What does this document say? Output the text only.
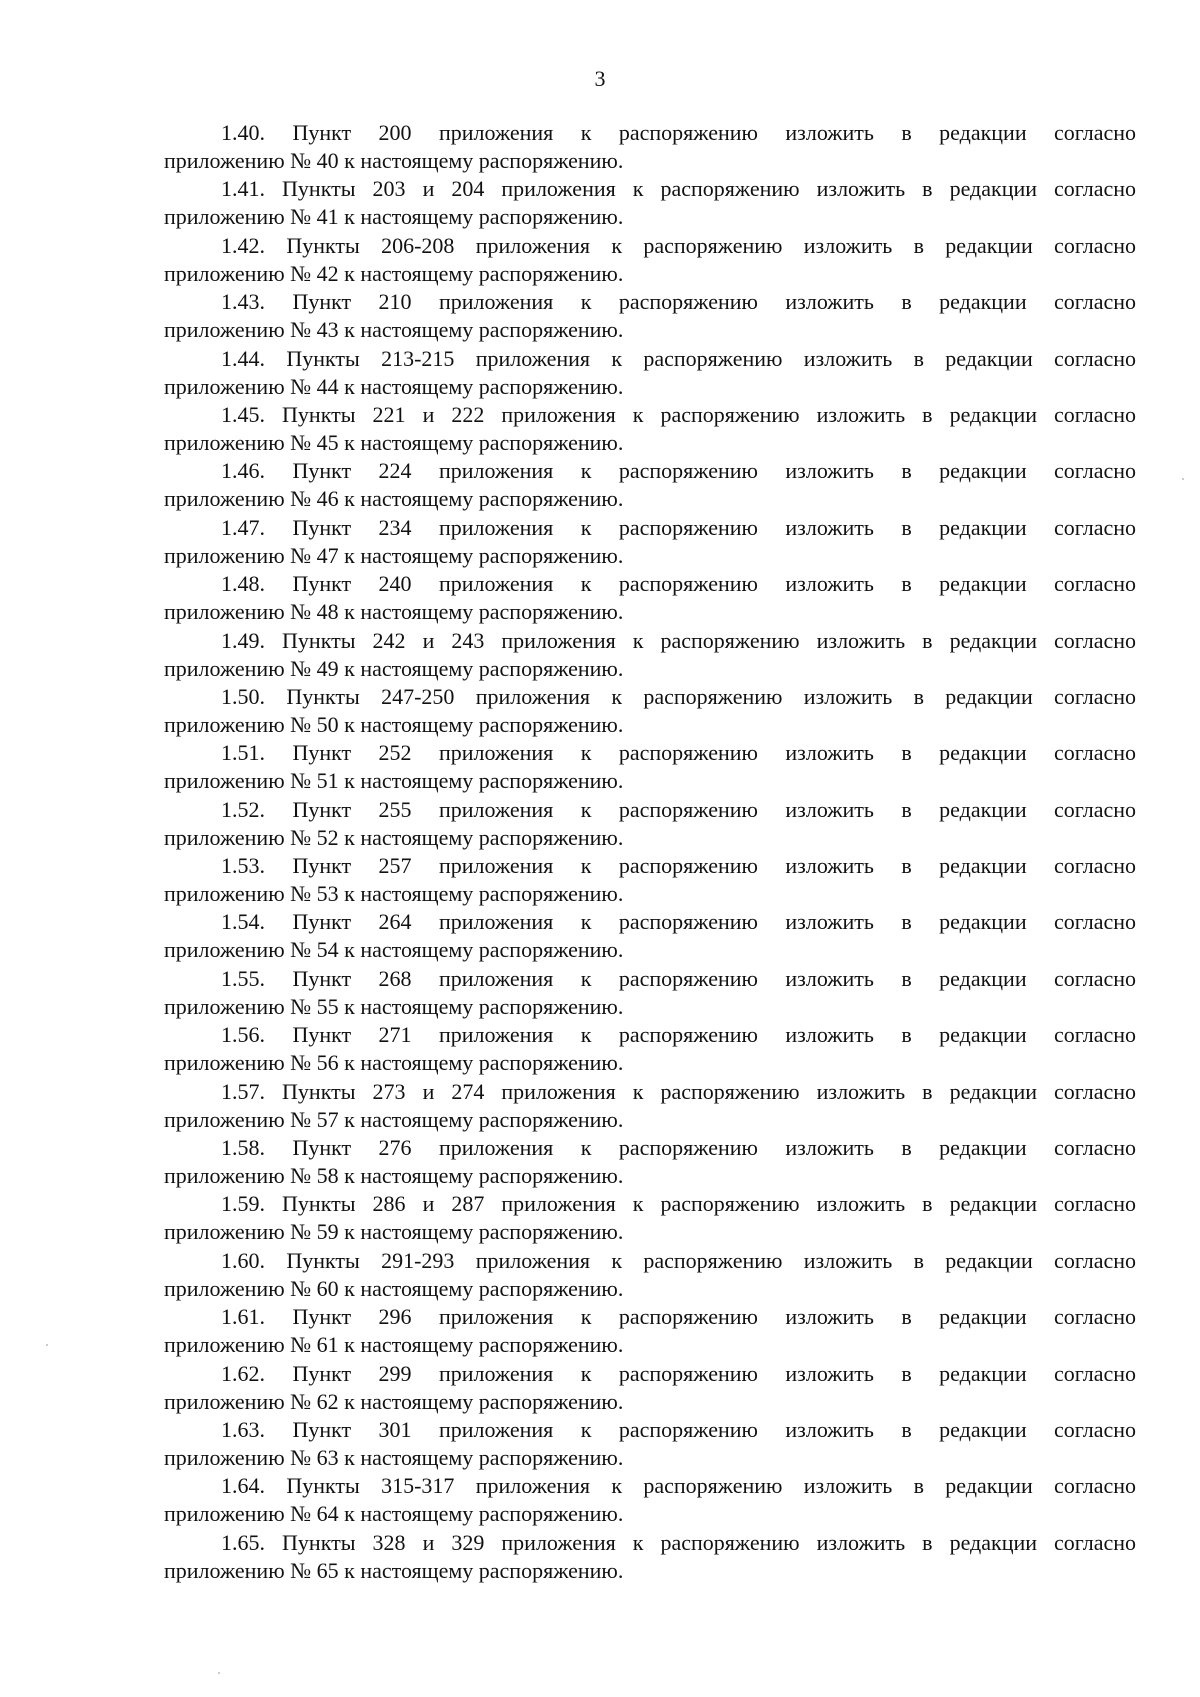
3
1.40. Пункт 200 приложения к распоряжению изложить в редакции согласно
приложению № 40 к настоящему распоряжению.
1.41. Пункты 203 и 204 приложения к распоряжению изложить в редакции согласно
приложению № 41 к настоящему распоряжению.
1.42. Пункты 206-208 приложения к распоряжению изложить в редакции согласно
приложению № 42 к настоящему распоряжению.
1.43. Пункт 210 приложения к распоряжению изложить в редакции согласно
приложению № 43 к настоящему распоряжению.
1.44. Пункты 213-215 приложения к распоряжению изложить в редакции согласно
приложению № 44 к настоящему распоряжению.
1.45. Пункты 221 и 222 приложения к распоряжению изложить в редакции согласно
приложению № 45 к настоящему распоряжению.
1.46. Пункт 224 приложения к распоряжению изложить в редакции согласно
приложению № 46 к настоящему распоряжению.
1.47. Пункт 234 приложения к распоряжению изложить в редакции согласно
приложению № 47 к настоящему распоряжению.
1.48. Пункт 240 приложения к распоряжению изложить в редакции согласно
приложению № 48 к настоящему распоряжению.
1.49. Пункты 242 и 243 приложения к распоряжению изложить в редакции согласно
приложению № 49 к настоящему распоряжению.
1.50. Пункты 247-250 приложения к распоряжению изложить в редакции согласно
приложению № 50 к настоящему распоряжению.
1.51. Пункт 252 приложения к распоряжению изложить в редакции согласно
приложению № 51 к настоящему распоряжению.
1.52. Пункт 255 приложения к распоряжению изложить в редакции согласно
приложению № 52 к настоящему распоряжению.
1.53. Пункт 257 приложения к распоряжению изложить в редакции согласно
приложению № 53 к настоящему распоряжению.
1.54. Пункт 264 приложения к распоряжению изложить в редакции согласно
приложению № 54 к настоящему распоряжению.
1.55. Пункт 268 приложения к распоряжению изложить в редакции согласно
приложению № 55 к настоящему распоряжению.
1.56. Пункт 271 приложения к распоряжению изложить в редакции согласно
приложению № 56 к настоящему распоряжению.
1.57. Пункты 273 и 274 приложения к распоряжению изложить в редакции согласно
приложению № 57 к настоящему распоряжению.
1.58. Пункт 276 приложения к распоряжению изложить в редакции согласно
приложению № 58 к настоящему распоряжению.
1.59. Пункты 286 и 287 приложения к распоряжению изложить в редакции согласно
приложению № 59 к настоящему распоряжению.
1.60. Пункты 291-293 приложения к распоряжению изложить в редакции согласно
приложению № 60 к настоящему распоряжению.
1.61. Пункт 296 приложения к распоряжению изложить в редакции согласно
приложению № 61 к настоящему распоряжению.
1.62. Пункт 299 приложения к распоряжению изложить в редакции согласно
приложению № 62 к настоящему распоряжению.
1.63. Пункт 301 приложения к распоряжению изложить в редакции согласно
приложению № 63 к настоящему распоряжению.
1.64. Пункты 315-317 приложения к распоряжению изложить в редакции согласно
приложению № 64 к настоящему распоряжению.
1.65. Пункты 328 и 329 приложения к распоряжению изложить в редакции согласно
приложению № 65 к настоящему распоряжению.
